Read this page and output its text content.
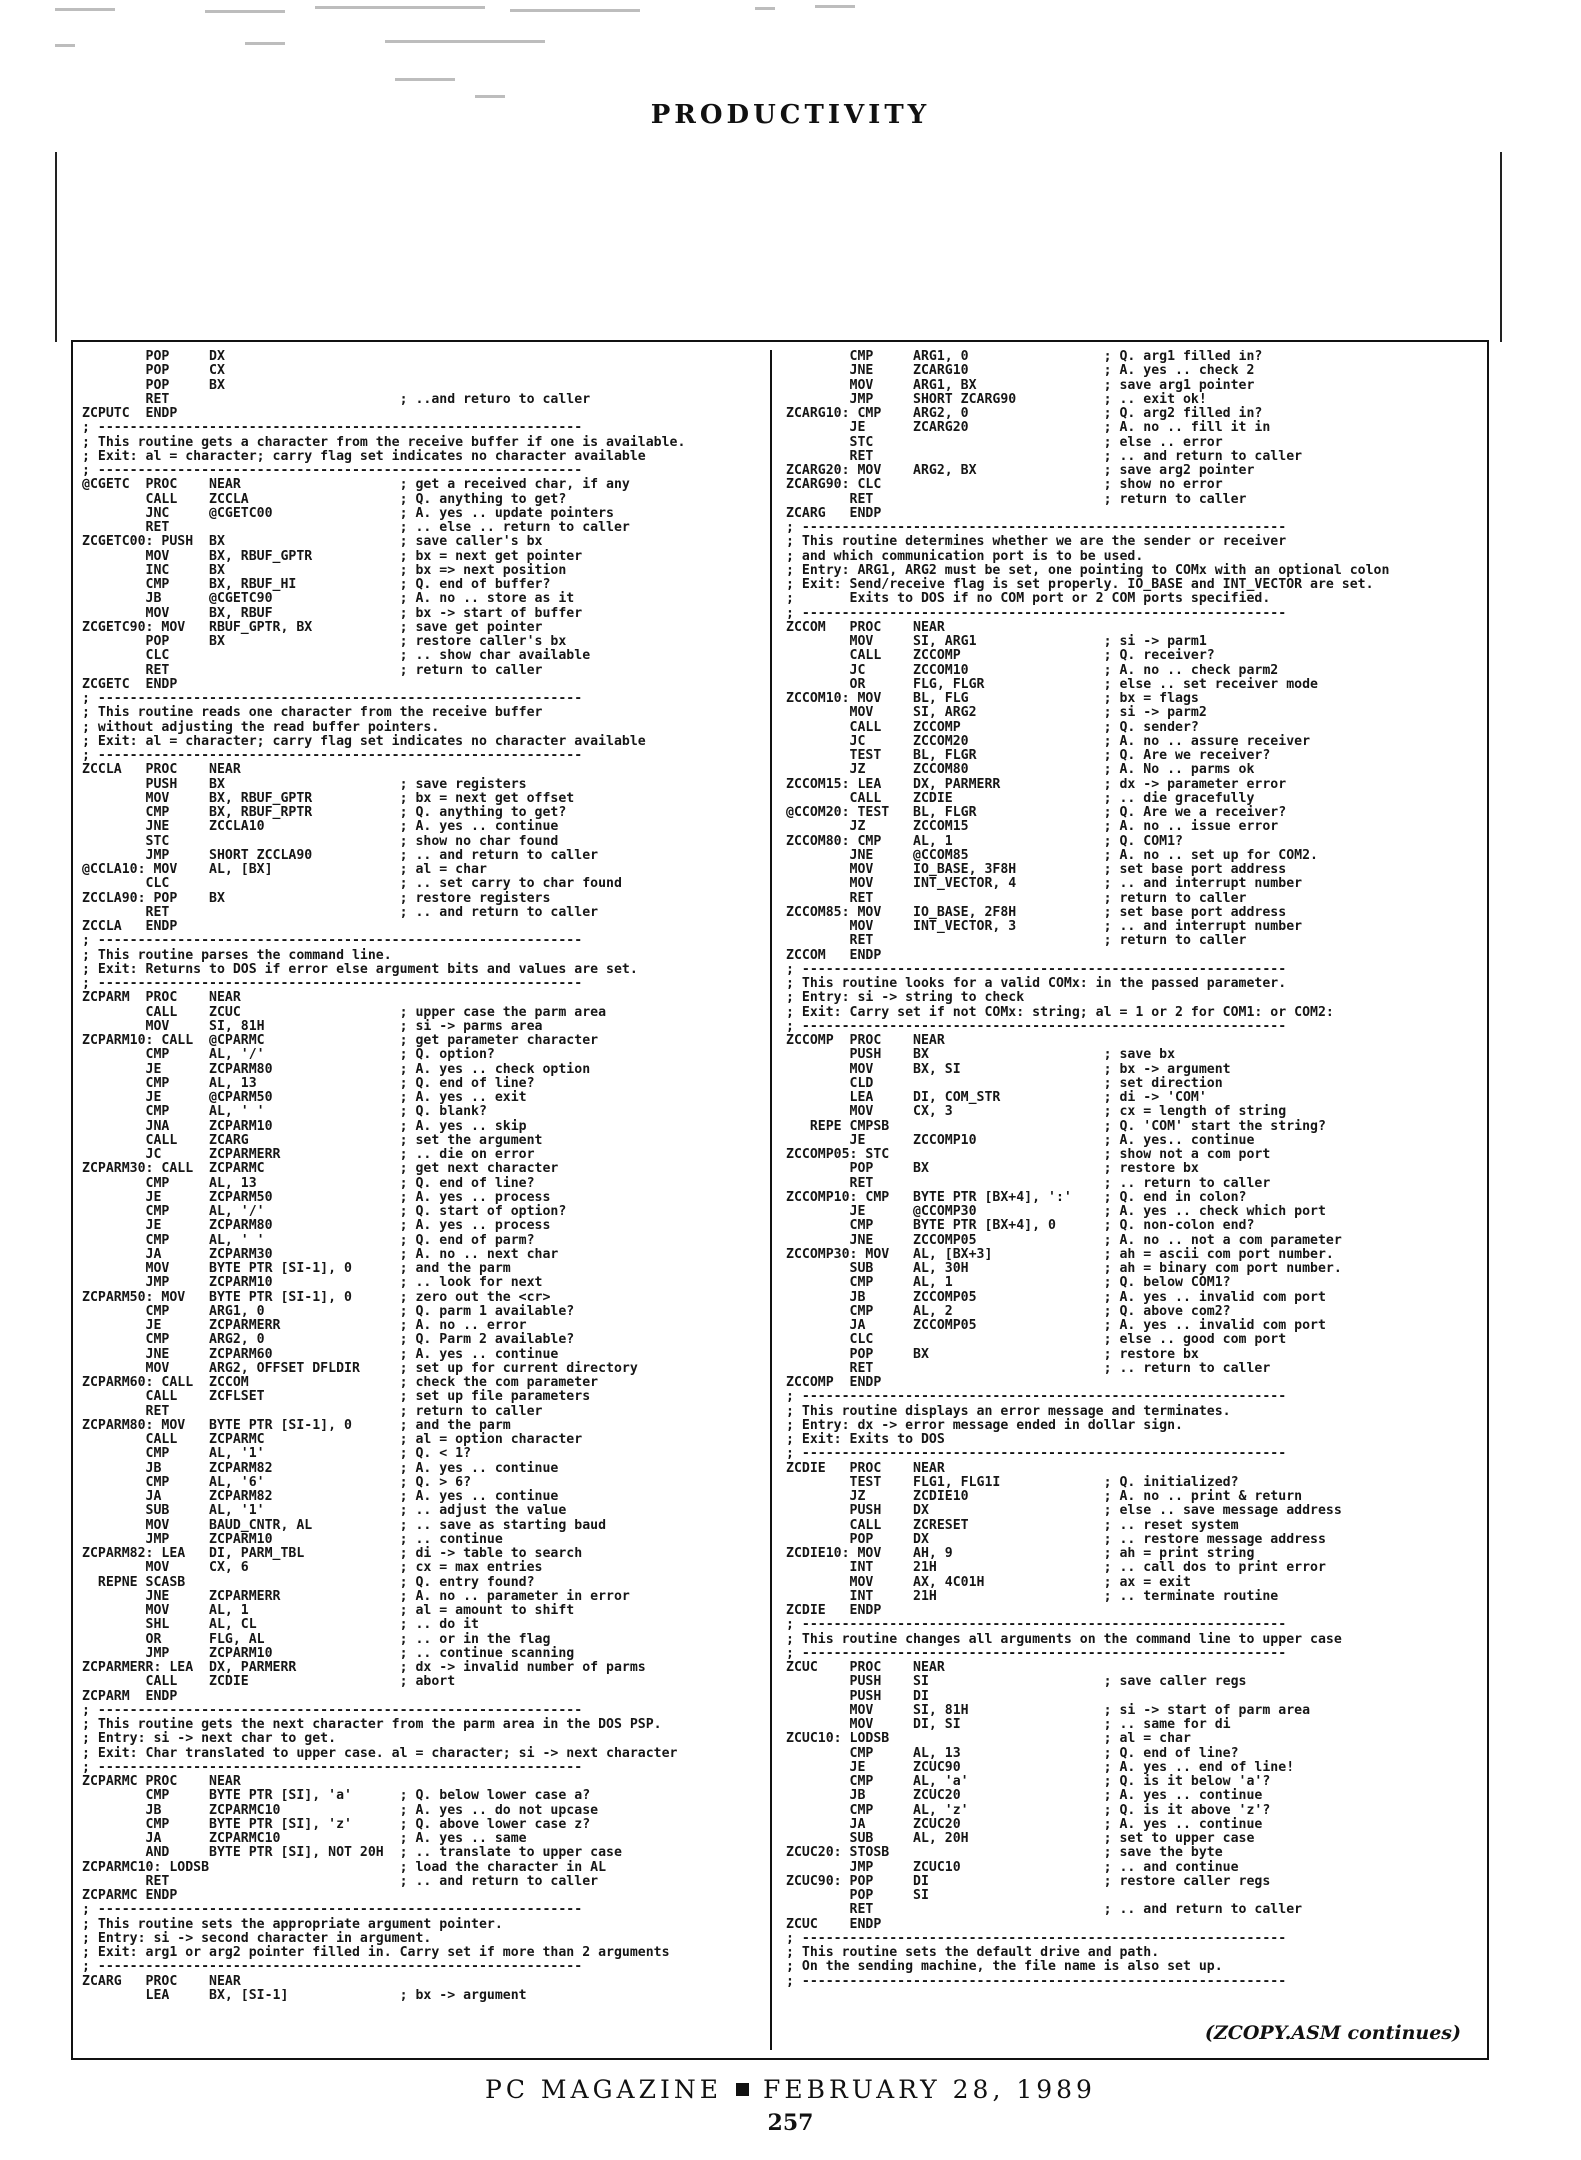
PRODUCTIVITY
POP     DX
POP     CX
POP     BX
RET                             ; ..and returo to caller
ZCPUTC  ENDP
; -------------------------------------------------------------
; This routine gets a character from the receive buffer if one is available.
; Exit: al = character; carry flag set indicates no character available
; -------------------------------------------------------------
@CGETC  PROC    NEAR                    ; get a received char, if any
CALL    ZCCLA                   ; Q. anything to get?
JNC     @CGETC00                ; A. yes .. update pointers
RET                             ; .. else .. return to caller
ZCGETC00: PUSH  BX                      ; save caller's bx
MOV     BX, RBUF_GPTR           ; bx = next get pointer
INC     BX                      ; bx => next position
CMP     BX, RBUF_HI             ; Q. end of buffer?
JB      @CGETC90                ; A. no .. store as it
MOV     BX, RBUF                ; bx -> start of buffer
ZCGETC90: MOV   RBUF_GPTR, BX           ; save get pointer
POP     BX                      ; restore caller's bx
CLC                             ; .. show char available
RET                             ; return to caller
ZCGETC  ENDP
; -------------------------------------------------------------
; This routine reads one character from the receive buffer
; without adjusting the read buffer pointers.
; Exit: al = character; carry flag set indicates no character available
; -------------------------------------------------------------
ZCCLA   PROC    NEAR
PUSH    BX                      ; save registers
MOV     BX, RBUF_GPTR           ; bx = next get offset
CMP     BX, RBUF_RPTR           ; Q. anything to get?
JNE     ZCCLA10                 ; A. yes .. continue
STC                             ; show no char found
JMP     SHORT ZCCLA90           ; .. and return to caller
@CCLA10: MOV    AL, [BX]                ; al = char
CLC                             ; .. set carry to char found
ZCCLA90: POP    BX                      ; restore registers
RET                             ; .. and return to caller
ZCCLA   ENDP
; -------------------------------------------------------------
; This routine parses the command line.
; Exit: Returns to DOS if error else argument bits and values are set.
; -------------------------------------------------------------
ZCPARM  PROC    NEAR
CALL    ZCUC                    ; upper case the parm area
MOV     SI, 81H                 ; si -> parms area
ZCPARM10: CALL  @CPARMC                 ; get parameter character
CMP     AL, '/'                 ; Q. option?
JE      ZCPARM80                ; A. yes .. check option
CMP     AL, 13                  ; Q. end of line?
JE      @CPARM50                ; A. yes .. exit
CMP     AL, ' '                 ; Q. blank?
JNA     ZCPARM10                ; A. yes .. skip
CALL    ZCARG                   ; set the argument
JC      ZCPARMERR               ; .. die on error
ZCPARM30: CALL  ZCPARMC                 ; get next character
CMP     AL, 13                  ; Q. end of line?
JE      ZCPARM50                ; A. yes .. process
CMP     AL, '/'                 ; Q. start of option?
JE      ZCPARM80                ; A. yes .. process
CMP     AL, ' '                 ; Q. end of parm?
JA      ZCPARM30                ; A. no .. next char
MOV     BYTE PTR [SI-1], 0      ; and the parm
JMP     ZCPARM10                ; .. look for next
ZCPARM50: MOV   BYTE PTR [SI-1], 0      ; zero out the <cr>
CMP     ARG1, 0                 ; Q. parm 1 available?
JE      ZCPARMERR               ; A. no .. error
CMP     ARG2, 0                 ; Q. Parm 2 available?
JNE     ZCPARM60                ; A. yes .. continue
MOV     ARG2, OFFSET DFLDIR     ; set up for current directory
ZCPARM60: CALL  ZCCOM                   ; check the com parameter
CALL    ZCFLSET                 ; set up file parameters
RET                             ; return to caller
ZCPARM80: MOV   BYTE PTR [SI-1], 0      ; and the parm
CALL    ZCPARMC                 ; al = option character
CMP     AL, '1'                 ; Q. < 1?
JB      ZCPARM82                ; A. yes .. continue
CMP     AL, '6'                 ; Q. > 6?
JA      ZCPARM82                ; A. yes .. continue
SUB     AL, '1'                 ; .. adjust the value
MOV     BAUD_CNTR, AL           ; .. save as starting baud
JMP     ZCPARM10                ; .. continue
ZCPARM82: LEA   DI, PARM_TBL            ; di -> table to search
MOV     CX, 6                   ; cx = max entries
REPNE SCASB                           ; Q. entry found?
JNE     ZCPARMERR               ; A. no .. parameter in error
MOV     AL, 1                   ; al = amount to shift
SHL     AL, CL                  ; .. do it
OR      FLG, AL                 ; .. or in the flag
JMP     ZCPARM10                ; .. continue scanning
ZCPARMERR: LEA  DX, PARMERR             ; dx -> invalid number of parms
CALL    ZCDIE                   ; abort
ZCPARM  ENDP
; -------------------------------------------------------------
; This routine gets the next character from the parm area in the DOS PSP.
; Entry: si -> next char to get.
; Exit: Char translated to upper case. al = character; si -> next character
; -------------------------------------------------------------
ZCPARMC PROC    NEAR
CMP     BYTE PTR [SI], 'a'      ; Q. below lower case a?
JB      ZCPARMC10               ; A. yes .. do not upcase
CMP     BYTE PTR [SI], 'z'      ; Q. above lower case z?
JA      ZCPARMC10               ; A. yes .. same
AND     BYTE PTR [SI], NOT 20H  ; .. translate to upper case
ZCPARMC10: LODSB                        ; load the character in AL
RET                             ; .. and return to caller
ZCPARMC ENDP
; -------------------------------------------------------------
; This routine sets the appropriate argument pointer.
; Entry: si -> second character in argument.
; Exit: arg1 or arg2 pointer filled in. Carry set if more than 2 arguments
; -------------------------------------------------------------
ZCARG   PROC    NEAR
LEA     BX, [SI-1]              ; bx -> argument
CMP     ARG1, 0                 ; Q. arg1 filled in?
JNE     ZCARG10                 ; A. yes .. check 2
MOV     ARG1, BX                ; save arg1 pointer
JMP     SHORT ZCARG90           ; .. exit ok!
ZCARG10: CMP    ARG2, 0                 ; Q. arg2 filled in?
JE      ZCARG20                 ; A. no .. fill it in
STC                             ; else .. error
RET                             ; .. and return to caller
ZCARG20: MOV    ARG2, BX                ; save arg2 pointer
ZCARG90: CLC                            ; show no error
RET                             ; return to caller
ZCARG   ENDP
; -------------------------------------------------------------
; This routine determines whether we are the sender or receiver
; and which communication port is to be used.
; Entry: ARG1, ARG2 must be set, one pointing to COMx with an optional colon
; Exit: Send/receive flag is set properly. IO_BASE and INT_VECTOR are set.
;       Exits to DOS if no COM port or 2 COM ports specified.
; -------------------------------------------------------------
ZCCOM   PROC    NEAR
MOV     SI, ARG1                ; si -> parm1
CALL    ZCCOMP                  ; Q. receiver?
JC      ZCCOM10                 ; A. no .. check parm2
OR      FLG, FLGR               ; else .. set receiver mode
ZCCOM10: MOV    BL, FLG                 ; bx = flags
MOV     SI, ARG2                ; si -> parm2
CALL    ZCCOMP                  ; Q. sender?
JC      ZCCOM20                 ; A. no .. assure receiver
TEST    BL, FLGR                ; Q. Are we receiver?
JZ      ZCCOM80                 ; A. No .. parms ok
ZCCOM15: LEA    DX, PARMERR             ; dx -> parameter error
CALL    ZCDIE                   ; .. die gracefully
@CCOM20: TEST   BL, FLGR                ; Q. Are we a receiver?
JZ      ZCCOM15                 ; A. no .. issue error
ZCCOM80: CMP    AL, 1                   ; Q. COM1?
JNE     @CCOM85                 ; A. no .. set up for COM2.
MOV     IO_BASE, 3F8H           ; set base port address
MOV     INT_VECTOR, 4           ; .. and interrupt number
RET                             ; return to caller
ZCCOM85: MOV    IO_BASE, 2F8H           ; set base port address
MOV     INT_VECTOR, 3           ; .. and interrupt number
RET                             ; return to caller
ZCCOM   ENDP
; -------------------------------------------------------------
; This routine looks for a valid COMx: in the passed parameter.
; Entry: si -> string to check
; Exit: Carry set if not COMx: string; al = 1 or 2 for COM1: or COM2:
; -------------------------------------------------------------
ZCCOMP  PROC    NEAR
PUSH    BX                      ; save bx
MOV     BX, SI                  ; bx -> argument
CLD                             ; set direction
LEA     DI, COM_STR             ; di -> 'COM'
MOV     CX, 3                   ; cx = length of string
REPE CMPSB                           ; Q. 'COM' start the string?
JE      ZCCOMP10                ; A. yes.. continue
ZCCOMP05: STC                           ; show not a com port
POP     BX                      ; restore bx
RET                             ; .. return to caller
ZCCOMP10: CMP   BYTE PTR [BX+4], ':'    ; Q. end in colon?
JE      @CCOMP30                ; A. yes .. check which port
CMP     BYTE PTR [BX+4], 0      ; Q. non-colon end?
JNE     ZCCOMP05                ; A. no .. not a com parameter
ZCCOMP30: MOV   AL, [BX+3]              ; ah = ascii com port number.
SUB     AL, 30H                 ; ah = binary com port number.
CMP     AL, 1                   ; Q. below COM1?
JB      ZCCOMP05                ; A. yes .. invalid com port
CMP     AL, 2                   ; Q. above com2?
JA      ZCCOMP05                ; A. yes .. invalid com port
CLC                             ; else .. good com port
POP     BX                      ; restore bx
RET                             ; .. return to caller
ZCCOMP  ENDP
; -------------------------------------------------------------
; This routine displays an error message and terminates.
; Entry: dx -> error message ended in dollar sign.
; Exit: Exits to DOS
; -------------------------------------------------------------
ZCDIE   PROC    NEAR
TEST    FLG1, FLG1I             ; Q. initialized?
JZ      ZCDIE10                 ; A. no .. print & return
PUSH    DX                      ; else .. save message address
CALL    ZCRESET                 ; .. reset system
POP     DX                      ; .. restore message address
ZCDIE10: MOV    AH, 9                   ; ah = print string
INT     21H                     ; .. call dos to print error
MOV     AX, 4C01H               ; ax = exit
INT     21H                     ; .. terminate routine
ZCDIE   ENDP
; -------------------------------------------------------------
; This routine changes all arguments on the command line to upper case
; -------------------------------------------------------------
ZCUC    PROC    NEAR
PUSH    SI                      ; save caller regs
PUSH    DI
MOV     SI, 81H                 ; si -> start of parm area
MOV     DI, SI                  ; .. same for di
ZCUC10: LODSB                           ; al = char
CMP     AL, 13                  ; Q. end of line?
JE      ZCUC90                  ; A. yes .. end of line!
CMP     AL, 'a'                 ; Q. is it below 'a'?
JB      ZCUC20                  ; A. yes .. continue
CMP     AL, 'z'                 ; Q. is it above 'z'?
JA      ZCUC20                  ; A. yes .. continue
SUB     AL, 20H                 ; set to upper case
ZCUC20: STOSB                           ; save the byte
JMP     ZCUC10                  ; .. and continue
ZCUC90: POP     DI                      ; restore caller regs
POP     SI
RET                             ; .. and return to caller
ZCUC    ENDP
; -------------------------------------------------------------
; This routine sets the default drive and path.
; On the sending machine, the file name is also set up.
; -------------------------------------------------------------
(ZCOPY.ASM continues)
PC MAGAZINE FEBRUARY 28, 1989
257
